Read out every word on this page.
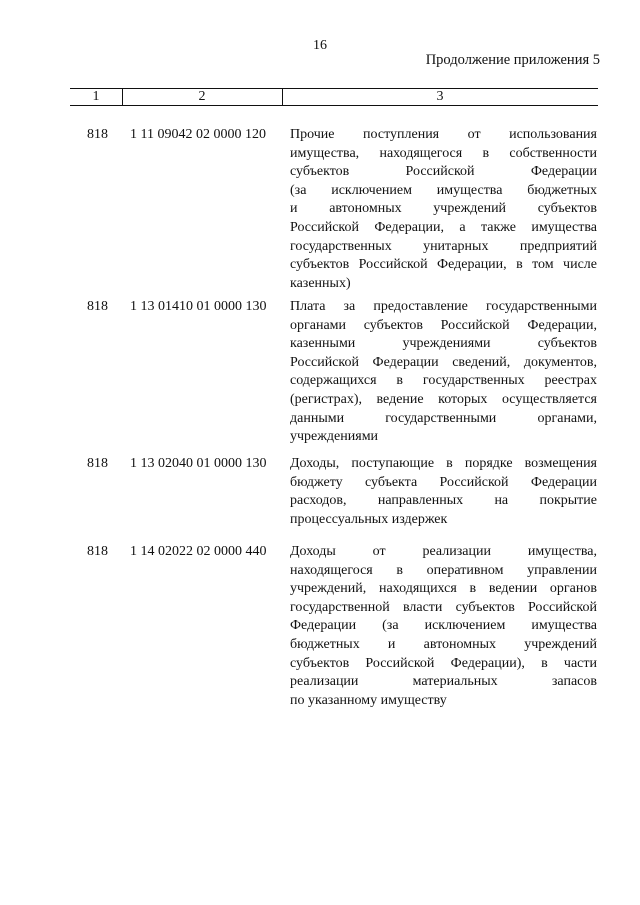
16
Продолжение приложения 5
1	2	3
818 1 11 09042 02 0000 120 Прочие поступления от использования
имущества, находящегося в собственности
субъектов Российской Федерации
(за исключением имущества бюджетных
и автономных учреждений субъектов
Российской Федерации, а также имущества
государственных унитарных предприятий
субъектов Российской Федерации, в том числе
казенных)
818 1 13 01410 01 0000 130 Плата за предоставление государственными
органами субъектов Российской Федерации,
казенными учреждениями субъектов
Российской Федерации сведений, документов,
содержащихся в государственных реестрах
(регистрах), ведение которых осуществляется
данными государственными органами,
учреждениями
818 1 13 02040 01 0000 130 Доходы, поступающие в порядке возмещения
бюджету субъекта Российской Федерации
расходов, направленных на покрытие
процессуальных издержек
818 1 14 02022 02 0000 440 Доходы от реализации имущества,
находящегося в оперативном управлении
учреждений, находящихся в ведении органов
государственной власти субъектов Российской
Федерации (за исключением имущества
бюджетных и автономных учреждений
субъектов Российской Федерации), в части
реализации материальных запасов
по указанному имуществу
